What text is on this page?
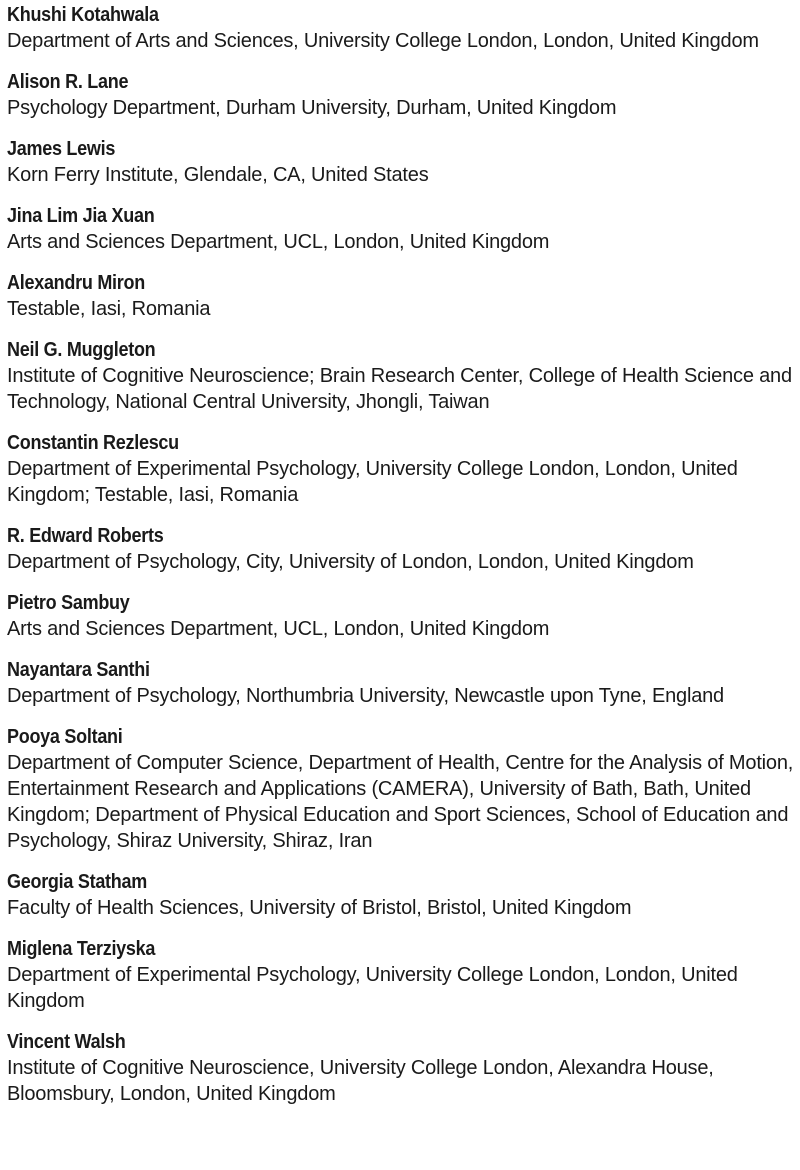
Khushi Kotahwala
Department of Arts and Sciences, University College London, London, United Kingdom
Alison R. Lane
Psychology Department, Durham University, Durham, United Kingdom
James Lewis
Korn Ferry Institute, Glendale, CA, United States
Jina Lim Jia Xuan
Arts and Sciences Department, UCL, London, United Kingdom
Alexandru Miron
Testable, Iasi, Romania
Neil G. Muggleton
Institute of Cognitive Neuroscience; Brain Research Center, College of Health Science and Technology, National Central University, Jhongli, Taiwan
Constantin Rezlescu
Department of Experimental Psychology, University College London, London, United Kingdom; Testable, Iasi, Romania
R. Edward Roberts
Department of Psychology, City, University of London, London, United Kingdom
Pietro Sambuy
Arts and Sciences Department, UCL, London, United Kingdom
Nayantara Santhi
Department of Psychology, Northumbria University, Newcastle upon Tyne, England
Pooya Soltani
Department of Computer Science, Department of Health, Centre for the Analysis of Motion, Entertainment Research and Applications (CAMERA), University of Bath, Bath, United Kingdom; Department of Physical Education and Sport Sciences, School of Education and Psychology, Shiraz University, Shiraz, Iran
Georgia Statham
Faculty of Health Sciences, University of Bristol, Bristol, United Kingdom
Miglena Terziyska
Department of Experimental Psychology, University College London, London, United Kingdom
Vincent Walsh
Institute of Cognitive Neuroscience, University College London, Alexandra House, Bloomsbury, London, United Kingdom
